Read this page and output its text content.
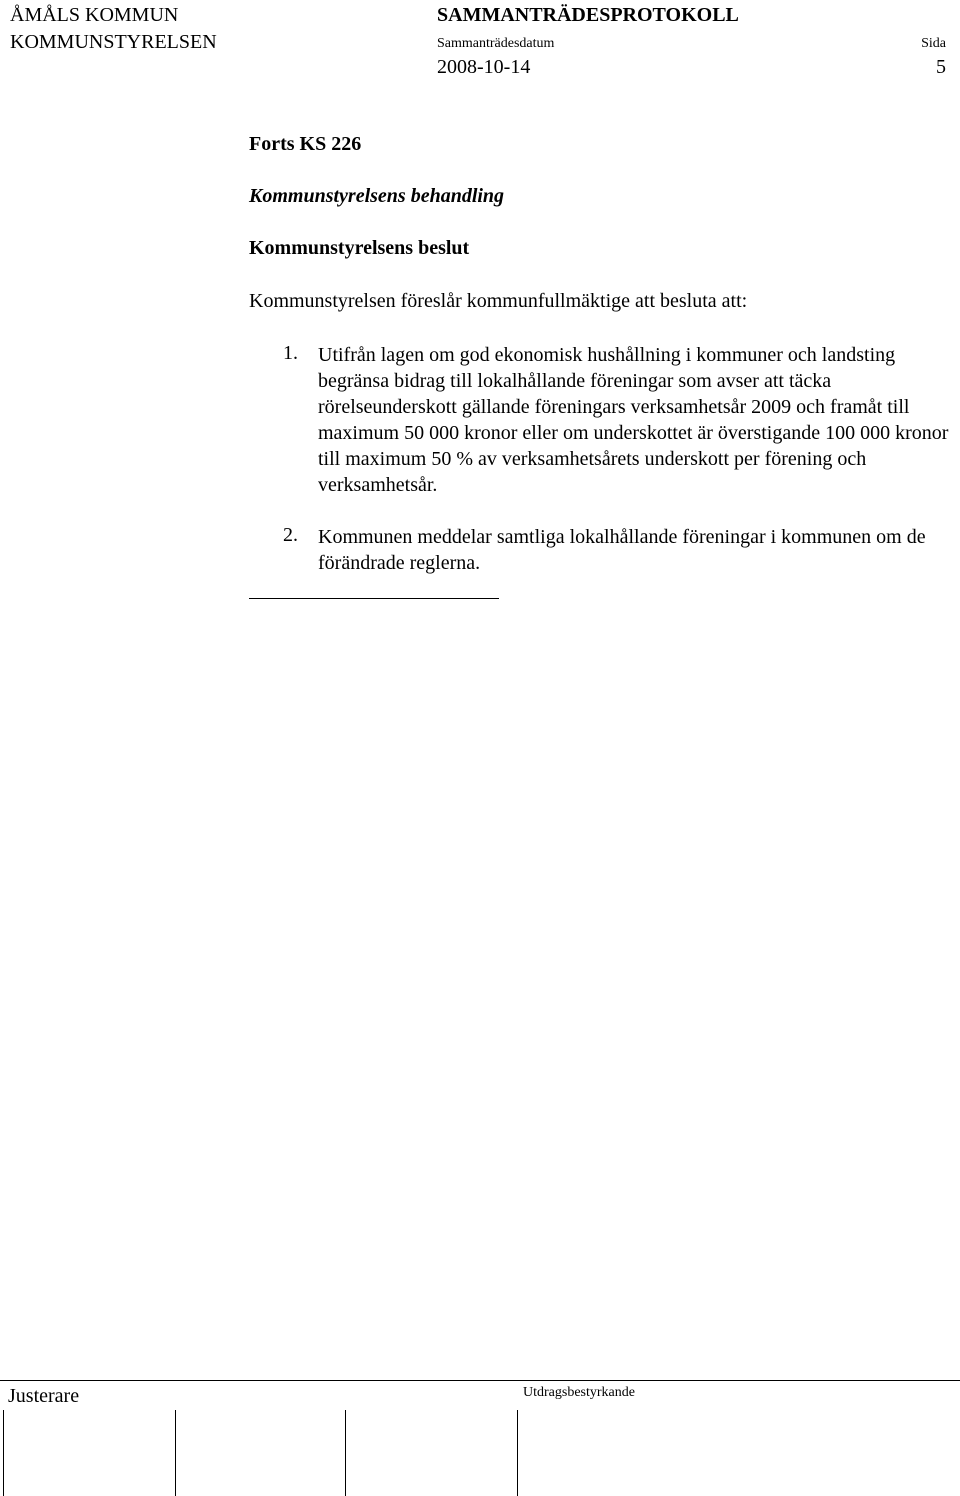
ÅMÅLS KOMMUN
KOMMUNSTYRELSEN
SAMMANTRÄDESPROTOKOLL
Sammanträdesdatum
2008-10-14
Sida
5
Forts KS 226
Kommunstyrelsens behandling
Kommunstyrelsens beslut
Kommunstyrelsen föreslår kommunfullmäktige att besluta att:
1. Utifrån lagen om god ekonomisk hushållning i kommuner och landsting begränsa bidrag till lokalhållande föreningar som avser att täcka rörelseunderskott gällande föreningars verksamhetsår 2009 och framåt till maximum 50 000 kronor eller om underskottet är överstigande 100 000 kronor till maximum 50 % av verksamhetsårets underskott per förening och verksamhetsår.
2. Kommunen meddelar samtliga lokalhållande föreningar i kommunen om de förändrade reglerna.
Justerare	Utdragsbestyrkande
